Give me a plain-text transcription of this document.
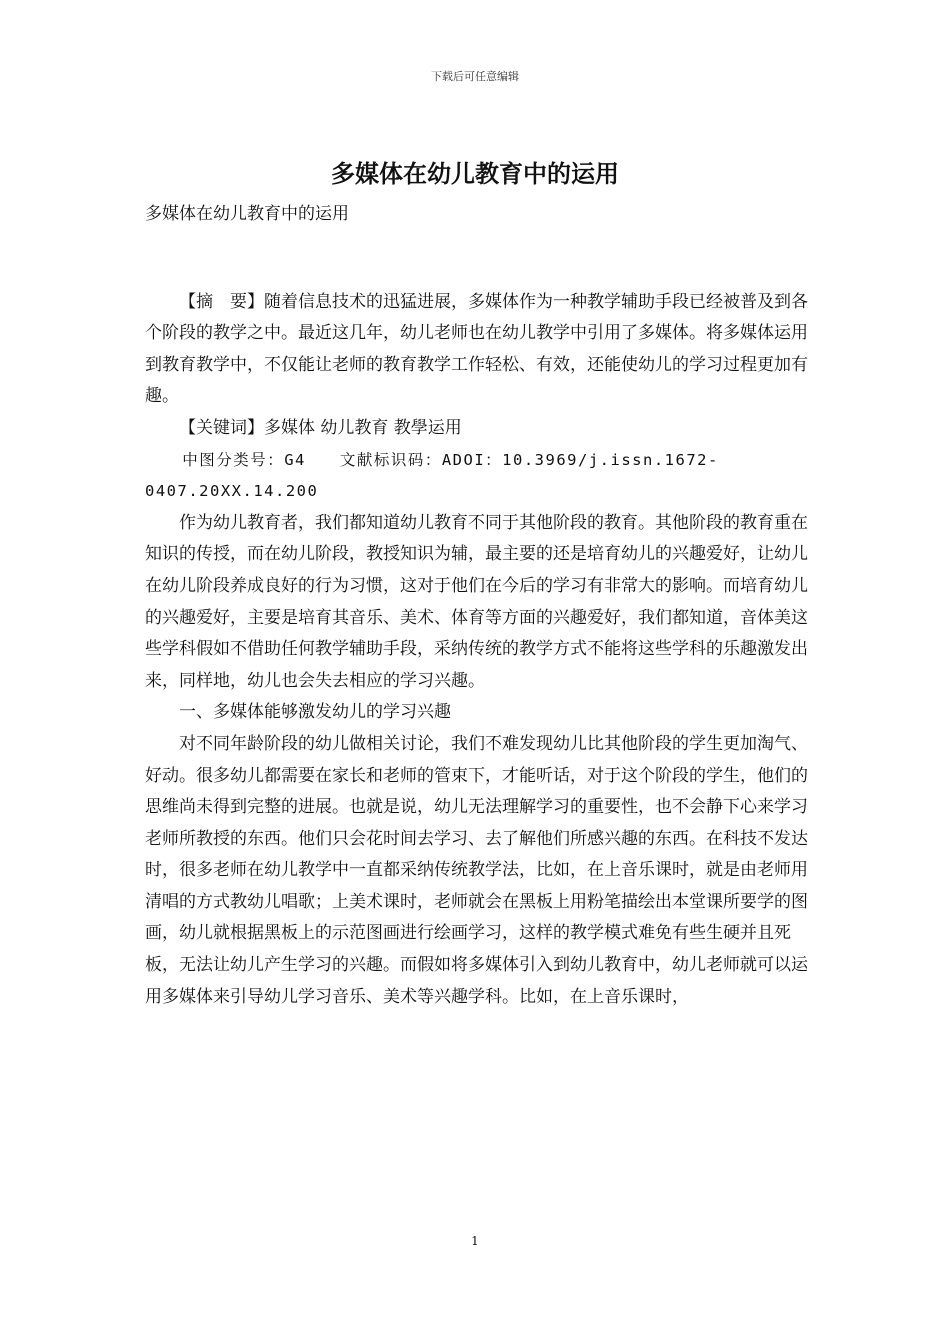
下载后可任意编辑
多媒体在幼儿教育中的运用

多媒体在幼儿教育中的运用

【摘　要】随着信息技术的迅猛进展，多媒体作为一种教学辅助手段已经被普及到各个阶段的教学之中。最近这几年，幼儿老师也在幼儿教学中引用了多媒体。将多媒体运用到教育教学中，不仅能让老师的教育教学工作轻松、有效，还能使幼儿的学习过程更加有趣。

【关键词】多媒体 幼儿教育 教學运用

中图分类号：G4　　文献标识码：ADOI：10.3969/j.issn.1672-0407.20XX.14.200

作为幼儿教育者，我们都知道幼儿教育不同于其他阶段的教育。其他阶段的教育重在知识的传授，而在幼儿阶段，教授知识为辅，最主要的还是培育幼儿的兴趣爱好，让幼儿在幼儿阶段养成良好的行为习惯，这对于他们在今后的学习有非常大的影响。而培育幼儿的兴趣爱好，主要是培育其音乐、美术、体育等方面的兴趣爱好，我们都知道，音体美这些学科假如不借助任何教学辅助手段，采纳传统的教学方式不能将这些学科的乐趣激发出来，同样地，幼儿也会失去相应的学习兴趣。

一、多媒体能够激发幼儿的学习兴趣

对不同年龄阶段的幼儿做相关讨论，我们不难发现幼儿比其他阶段的学生更加淘气、好动。很多幼儿都需要在家长和老师的管束下，才能听话，对于这个阶段的学生，他们的思维尚未得到完整的进展。也就是说，幼儿无法理解学习的重要性，也不会静下心来学习老师所教授的东西。他们只会花时间去学习、去了解他们所感兴趣的东西。在科技不发达时，很多老师在幼儿教学中一直都采纳传统教学法，比如，在上音乐课时，就是由老师用清唱的方式教幼儿唱歌；上美术课时，老师就会在黑板上用粉笔描绘出本堂课所要学的图画，幼儿就根据黑板上的示范图画进行绘画学习，这样的教学模式难免有些生硬并且死板，无法让幼儿产生学习的兴趣。而假如将多媒体引入到幼儿教育中，幼儿老师就可以运用多媒体来引导幼儿学习音乐、美术等兴趣学科。比如，在上音乐课时，

1
